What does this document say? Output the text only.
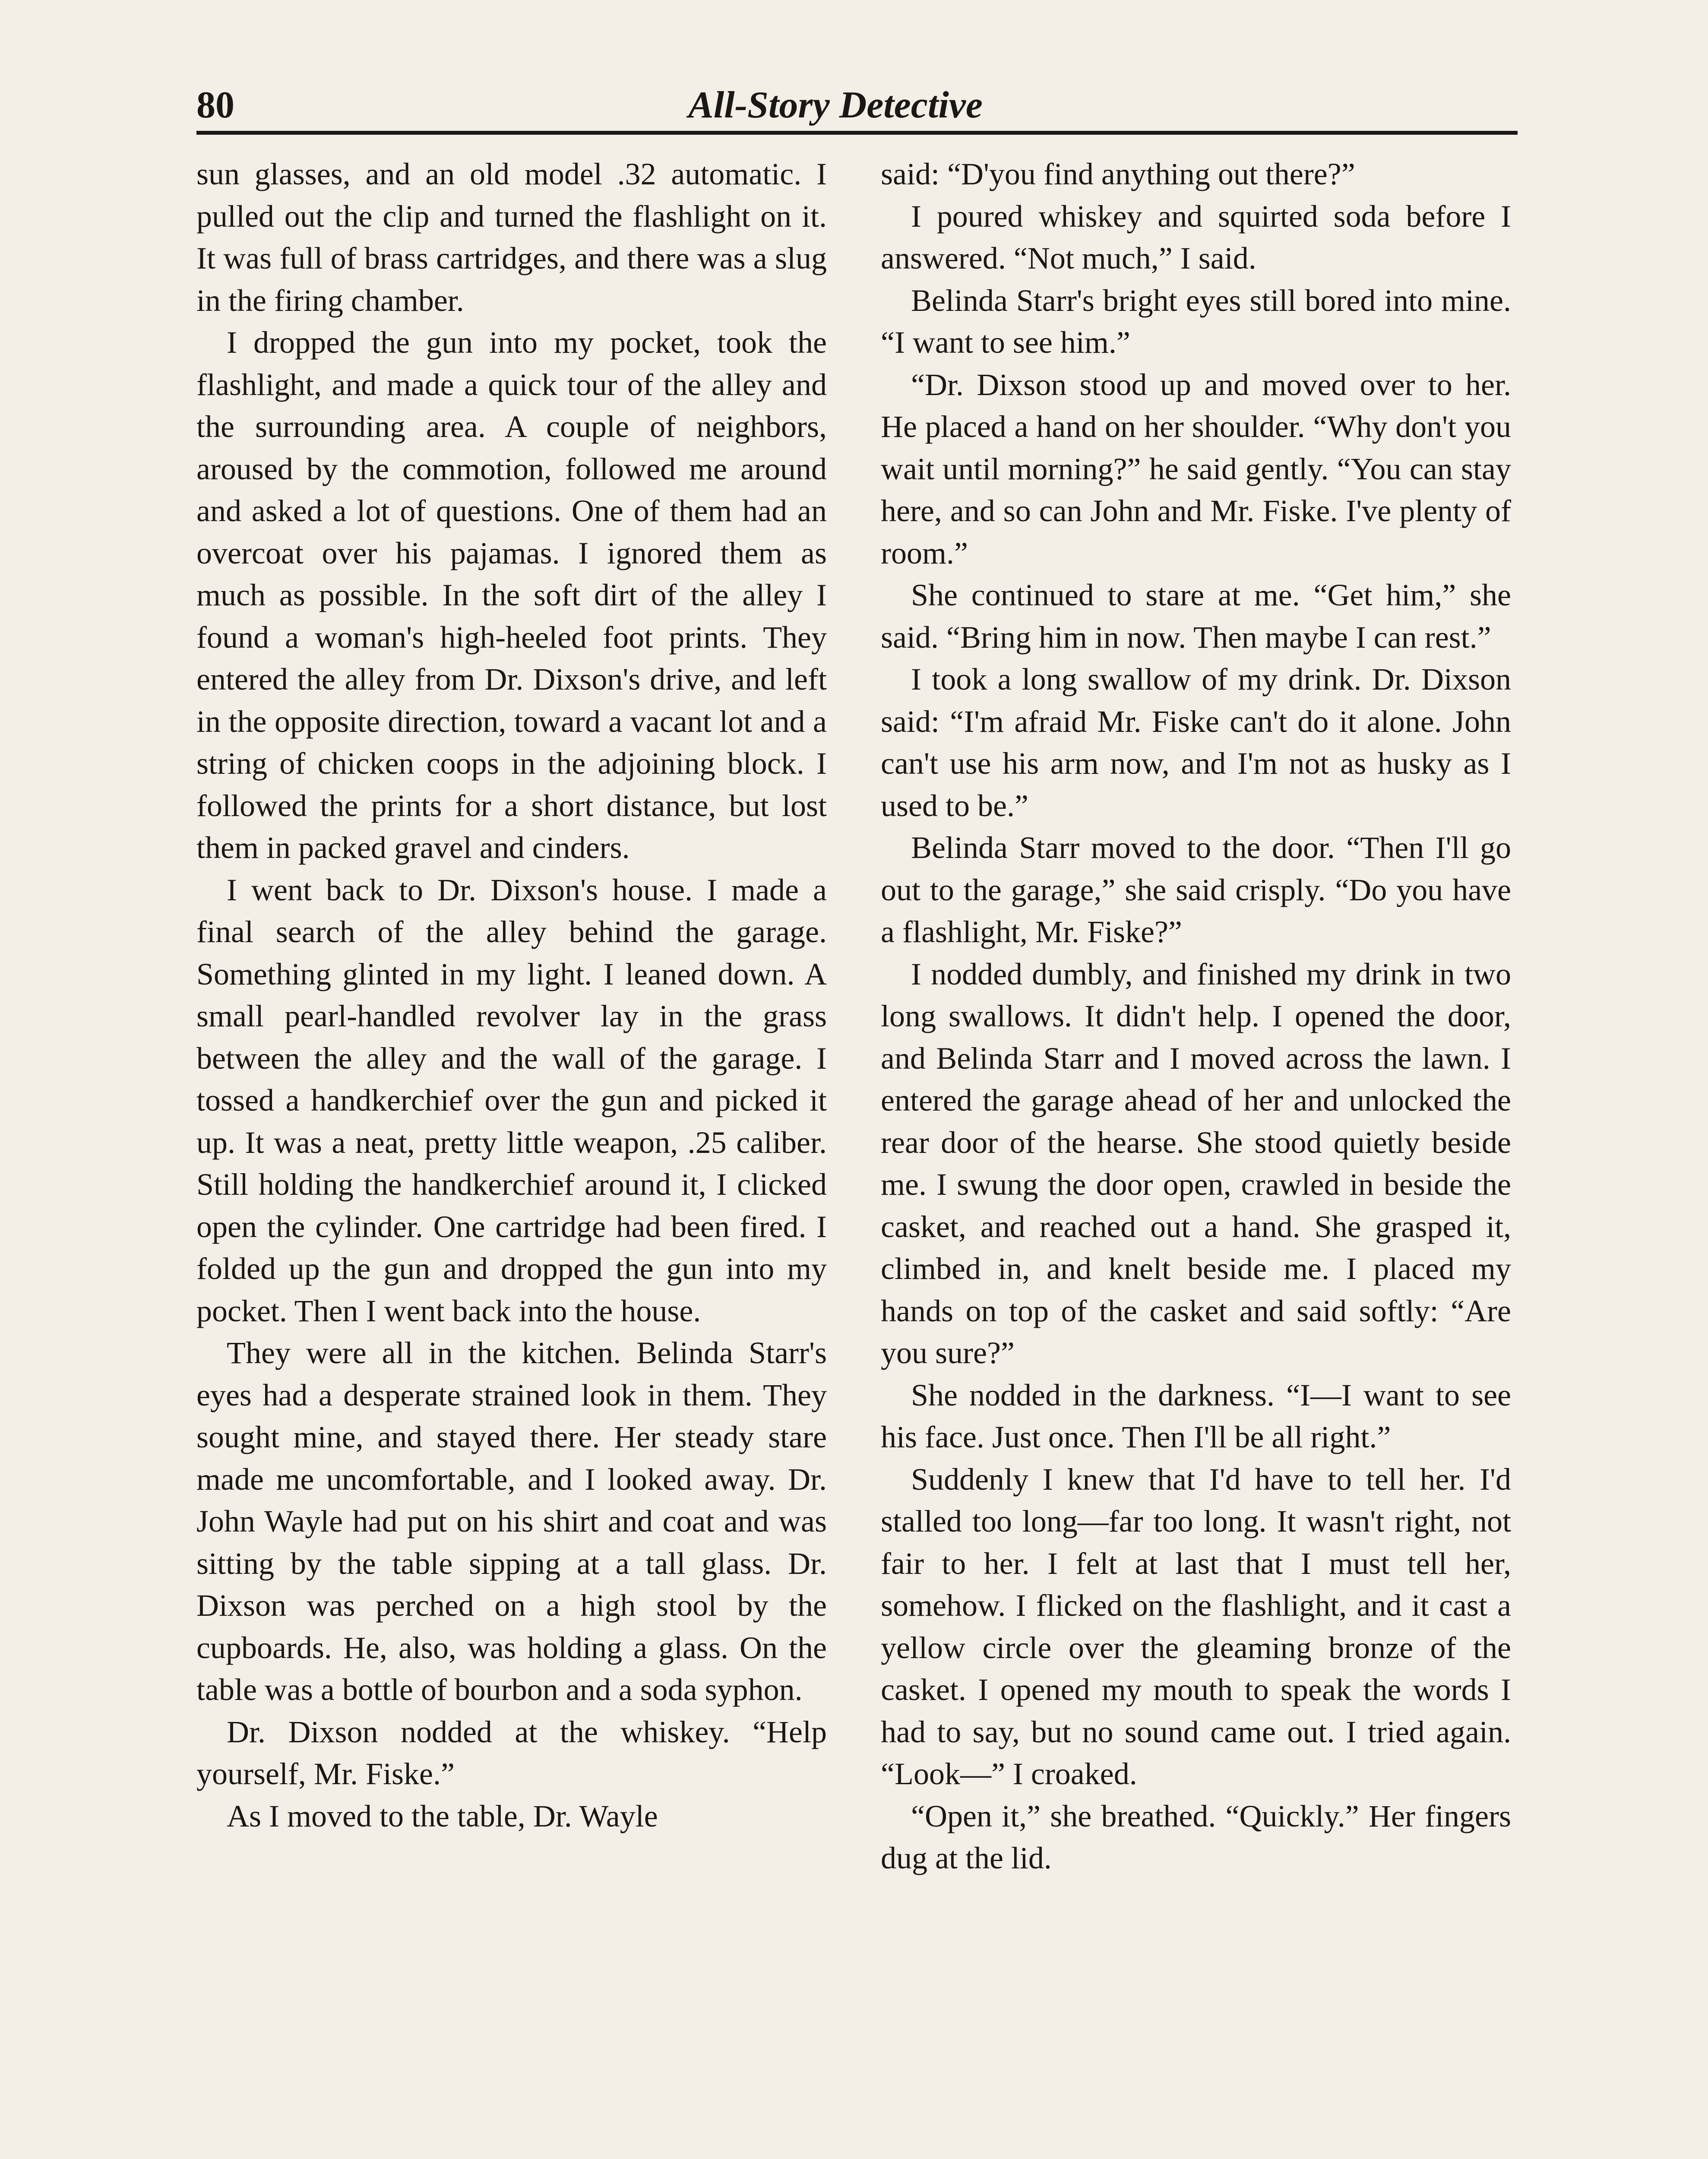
80	All-Story Detective

sun glasses, and an old model .32 automatic. I pulled out the clip and turned the flashlight on it. It was full of brass cartridges, and there was a slug in the firing chamber.

I dropped the gun into my pocket, took the flashlight, and made a quick tour of the alley and the surrounding area. A couple of neighbors, aroused by the commotion, followed me around and asked a lot of questions. One of them had an overcoat over his pajamas. I ignored them as much as possible. In the soft dirt of the alley I found a woman's high-heeled foot prints. They entered the alley from Dr. Dixson's drive, and left in the opposite direction, toward a vacant lot and a string of chicken coops in the adjoining block. I followed the prints for a short distance, but lost them in packed gravel and cinders.

I went back to Dr. Dixson's house. I made a final search of the alley behind the garage. Something glinted in my light. I leaned down. A small pearl-handled revolver lay in the grass between the alley and the wall of the garage. I tossed a handkerchief over the gun and picked it up. It was a neat, pretty little weapon, .25 caliber. Still holding the handkerchief around it, I clicked open the cylinder. One cartridge had been fired. I folded up the gun and dropped the gun into my pocket. Then I went back into the house.

They were all in the kitchen. Belinda Starr's eyes had a desperate strained look in them. They sought mine, and stayed there. Her steady stare made me uncomfortable, and I looked away. Dr. John Wayle had put on his shirt and coat and was sitting by the table sipping at a tall glass. Dr. Dixson was perched on a high stool by the cupboards. He, also, was holding a glass. On the table was a bottle of bourbon and a soda syphon.

Dr. Dixson nodded at the whiskey. “Help yourself, Mr. Fiske.”

As I moved to the table, Dr. Wayle

said: “D'you find anything out there?”

I poured whiskey and squirted soda before I answered. “Not much,” I said.

Belinda Starr's bright eyes still bored into mine. “I want to see him.”

“Dr. Dixson stood up and moved over to her. He placed a hand on her shoulder. “Why don't you wait until morning?” he said gently. “You can stay here, and so can John and Mr. Fiske. I've plenty of room.”

She continued to stare at me. “Get him,” she said. “Bring him in now. Then maybe I can rest.”

I took a long swallow of my drink. Dr. Dixson said: “I'm afraid Mr. Fiske can't do it alone. John can't use his arm now, and I'm not as husky as I used to be.”

Belinda Starr moved to the door. “Then I'll go out to the garage,” she said crisply. “Do you have a flashlight, Mr. Fiske?”

I nodded dumbly, and finished my drink in two long swallows. It didn't help. I opened the door, and Belinda Starr and I moved across the lawn. I entered the garage ahead of her and unlocked the rear door of the hearse. She stood quietly beside me. I swung the door open, crawled in beside the casket, and reached out a hand. She grasped it, climbed in, and knelt beside me. I placed my hands on top of the casket and said softly: “Are you sure?”

She nodded in the darkness. “I—I want to see his face. Just once. Then I'll be all right.”

Suddenly I knew that I'd have to tell her. I'd stalled too long—far too long. It wasn't right, not fair to her. I felt at last that I must tell her, somehow. I flicked on the flashlight, and it cast a yellow circle over the gleaming bronze of the casket. I opened my mouth to speak the words I had to say, but no sound came out. I tried again. “Look—” I croaked.

“Open it,” she breathed. “Quickly.” Her fingers dug at the lid.
